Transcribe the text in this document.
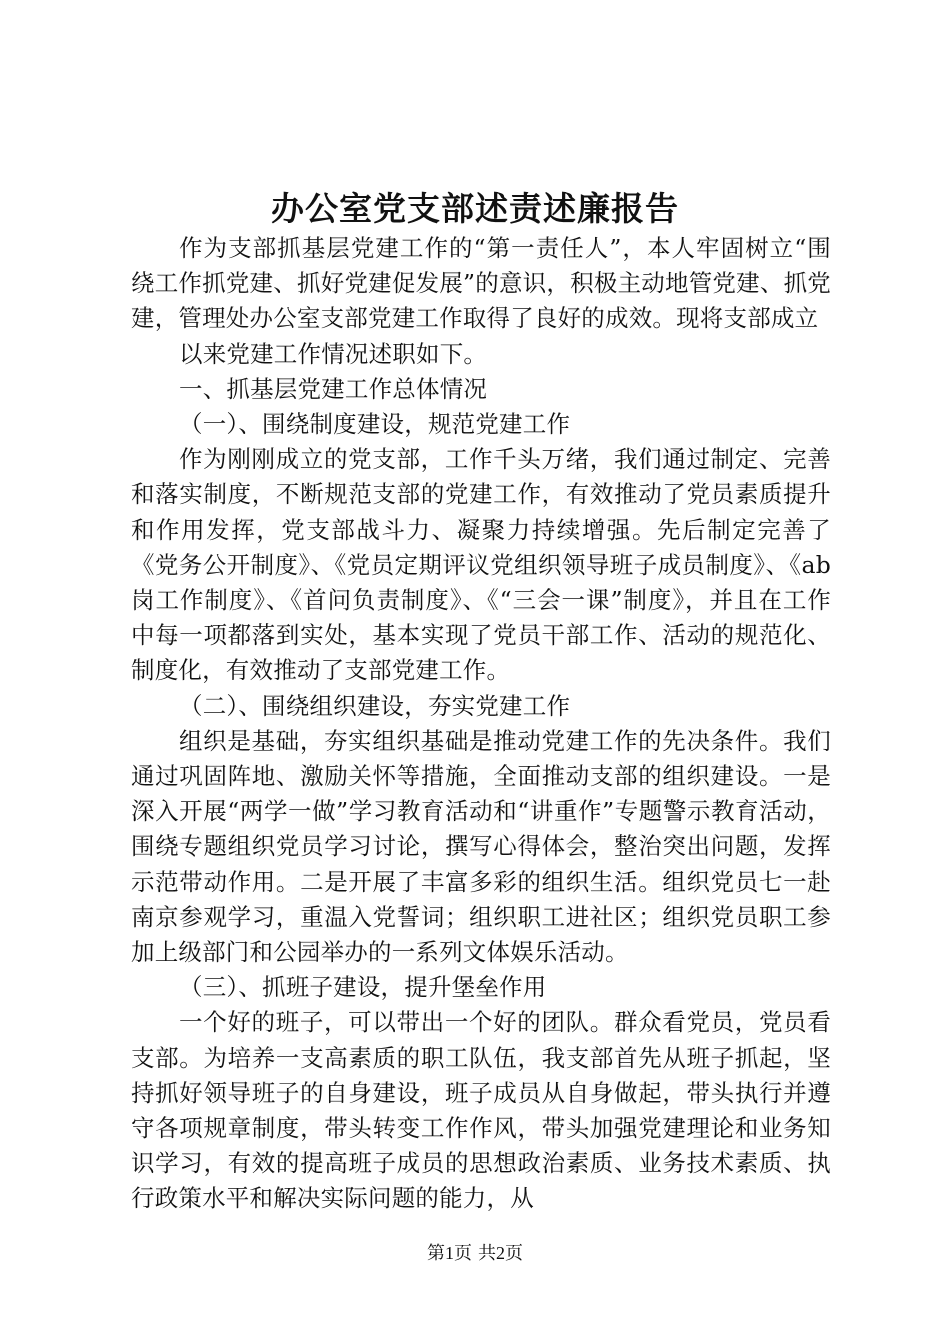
办公室党支部述责述廉报告

作为支部抓基层党建工作的“第一责任人”，本人牢固树立“围绕工作抓党建、抓好党建促发展”的意识，积极主动地管党建、抓党建，管理处办公室支部党建工作取得了良好的成效。现将支部成立

以来党建工作情况述职如下。

一、抓基层党建工作总体情况

（一）、围绕制度建设，规范党建工作

作为刚刚成立的党支部，工作千头万绪，我们通过制定、完善和落实制度，不断规范支部的党建工作，有效推动了党员素质提升和作用发挥，党支部战斗力、凝聚力持续增强。先后制定完善了《党务公开制度》、《党员定期评议党组织领导班子成员制度》、《ab岗工作制度》、《首问负责制度》、《“三会一课”制度》，并且在工作中每一项都落到实处，基本实现了党员干部工作、活动的规范化、制度化，有效推动了支部党建工作。

（二）、围绕组织建设，夯实党建工作

组织是基础，夯实组织基础是推动党建工作的先决条件。我们通过巩固阵地、激励关怀等措施，全面推动支部的组织建设。一是深入开展“两学一做”学习教育活动和“讲重作”专题警示教育活动，围绕专题组织党员学习讨论，撰写心得体会，整治突出问题，发挥示范带动作用。二是开展了丰富多彩的组织生活。组织党员七一赴南京参观学习，重温入党誓词；组织职工进社区；组织党员职工参加上级部门和公园举办的一系列文体娱乐活动。

（三）、抓班子建设，提升堡垒作用

一个好的班子，可以带出一个好的团队。群众看党员，党员看支部。为培养一支高素质的职工队伍，我支部首先从班子抓起，坚持抓好领导班子的自身建设，班子成员从自身做起，带头执行并遵守各项规章制度，带头转变工作作风，带头加强党建理论和业务知识学习，有效的提高班子成员的思想政治素质、业务技术素质、执行政策水平和解决实际问题的能力，从

第1页 共2页
